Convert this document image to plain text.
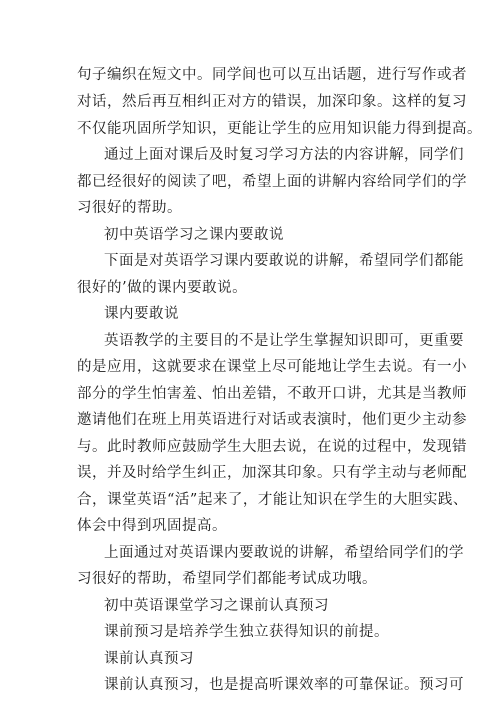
句子编织在短文中。同学间也可以互出话题，进行写作或者
对话，然后再互相纠正对方的错误，加深印象。这样的复习
不仅能巩固所学知识，更能让学生的应用知识能力得到提高。
通过上面对课后及时复习学习方法的内容讲解，同学们
都已经很好的阅读了吧，希望上面的讲解内容给同学们的学
习很好的帮助。
初中英语学习之课内要敢说
下面是对英语学习课内要敢说的讲解，希望同学们都能
很好的’做的课内要敢说。
课内要敢说
英语教学的主要目的不是让学生掌握知识即可，更重要
的是应用，这就要求在课堂上尽可能地让学生去说。有一小
部分的学生怕害羞、怕出差错，不敢开口讲，尤其是当教师
邀请他们在班上用英语进行对话或表演时，他们更少主动参
与。此时教师应鼓励学生大胆去说，在说的过程中，发现错
误，并及时给学生纠正，加深其印象。只有学主动与老师配
合，课堂英语“活”起来了，才能让知识在学生的大胆实践、
体会中得到巩固提高。
上面通过对英语课内要敢说的讲解，希望给同学们的学
习很好的帮助，希望同学们都能考试成功哦。
初中英语课堂学习之课前认真预习
课前预习是培养学生独立获得知识的前提。
课前认真预习
课前认真预习，也是提高听课效率的可靠保证。预习可
